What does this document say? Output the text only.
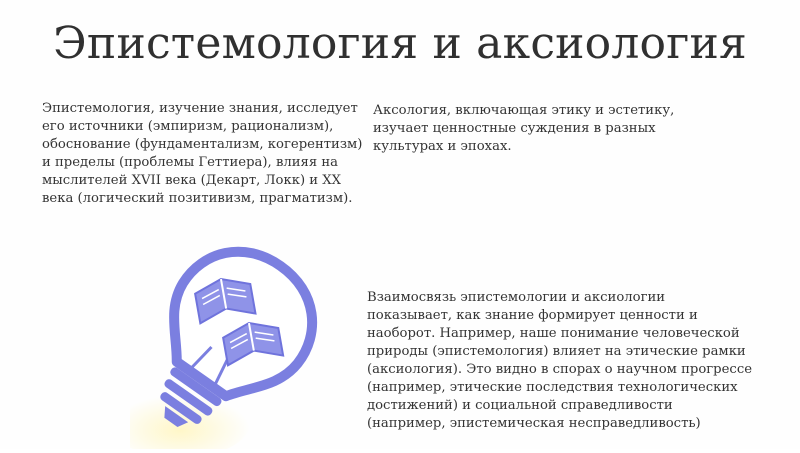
Эпистемология и аксиология
Эпистемология, изучение знания, исследует его источники (эмпиризм, рационализм), обоснование (фундаментализм, когерентизм) и пределы (проблемы Геттиера), влияя на мыслителей XVII века (Декарт, Локк) и XX века (логический позитивизм, прагматизм).
Аксология, включающая этику и эстетику, изучает ценностные суждения в разных культурах и эпохах.
Взаимосвязь эпистемологии и аксиологии показывает, как знание формирует ценности и наоборот. Например, наше понимание человеческой природы (эпистемология) влияет на этические рамки (аксиология). Это видно в спорах о научном прогрессе (например, этические последствия технологических достижений) и социальной справедливости (например, эпистемическая несправедливость)
